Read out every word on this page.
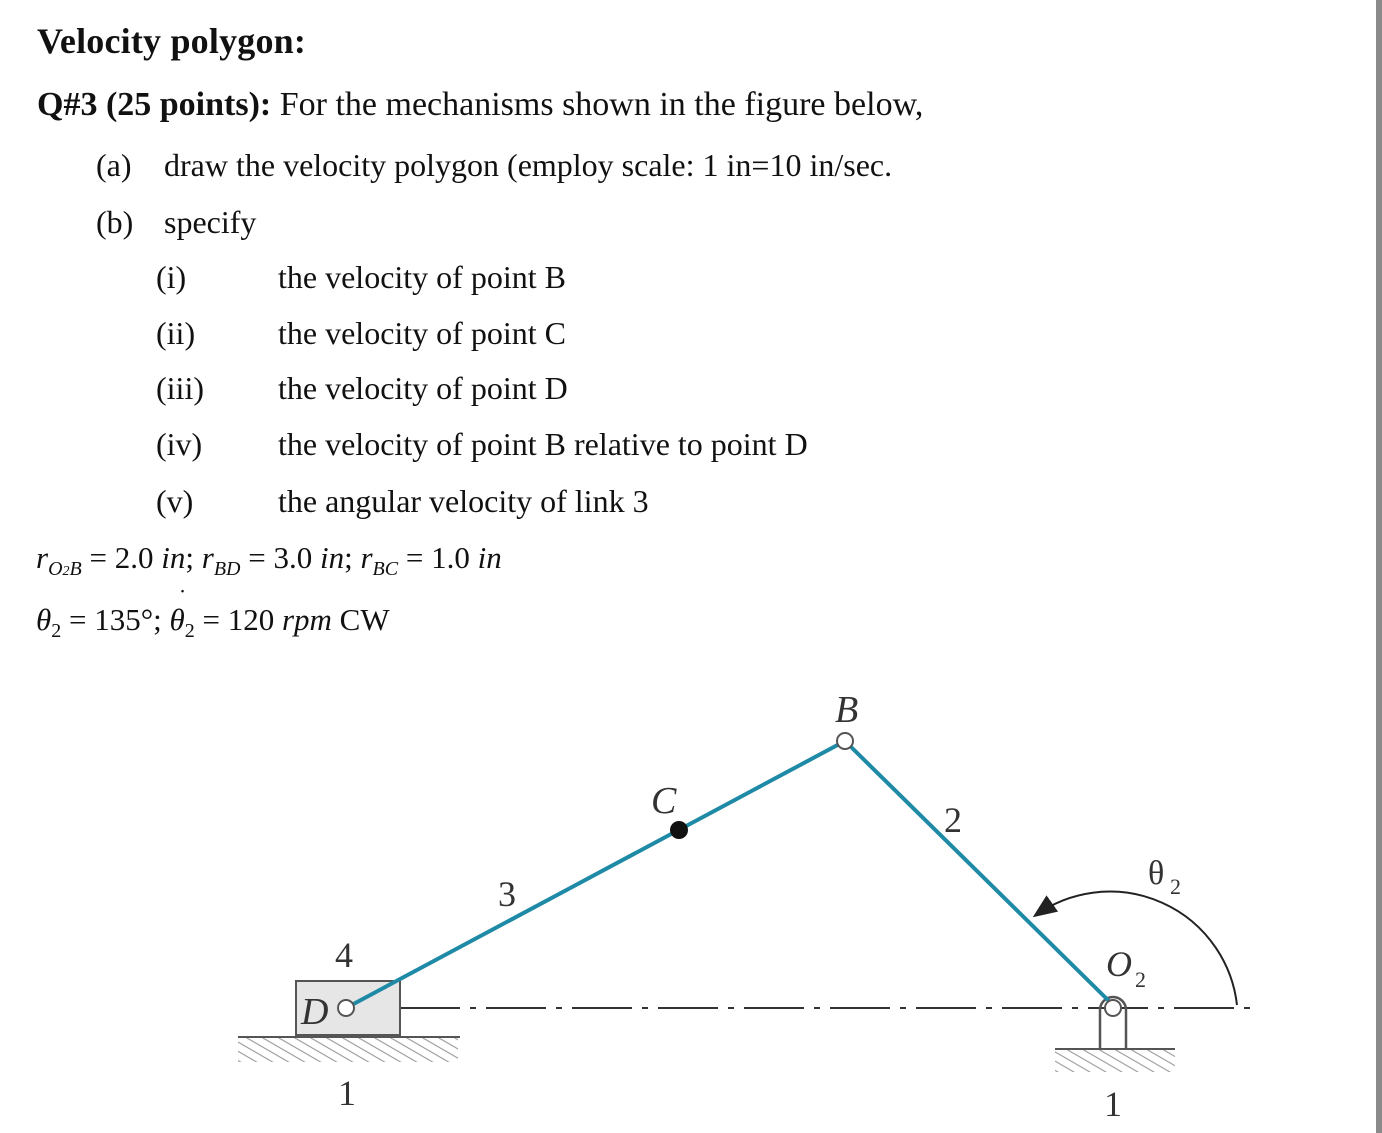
Velocity polygon:
Q#3 (25 points): For the mechanisms shown in the figure below,
(a) draw the velocity polygon (employ scale: 1 in=10 in/sec.
(b) specify
(i)	the velocity of point B
(ii)	the velocity of point C
(iii) the velocity of point D
(iv) the velocity of point B relative to point D
(v)	the angular velocity of link 3
$r_{O2B} = 2.0$ in; $r_{BD} = 3.0$ in; $r_{BC} = 1.0$ in
$\theta_2 = 135^\circ$; θ
˙
$_2$ = 120 rpm CW
B
C
D
2
3
4
1	1
O 2
θ 2
